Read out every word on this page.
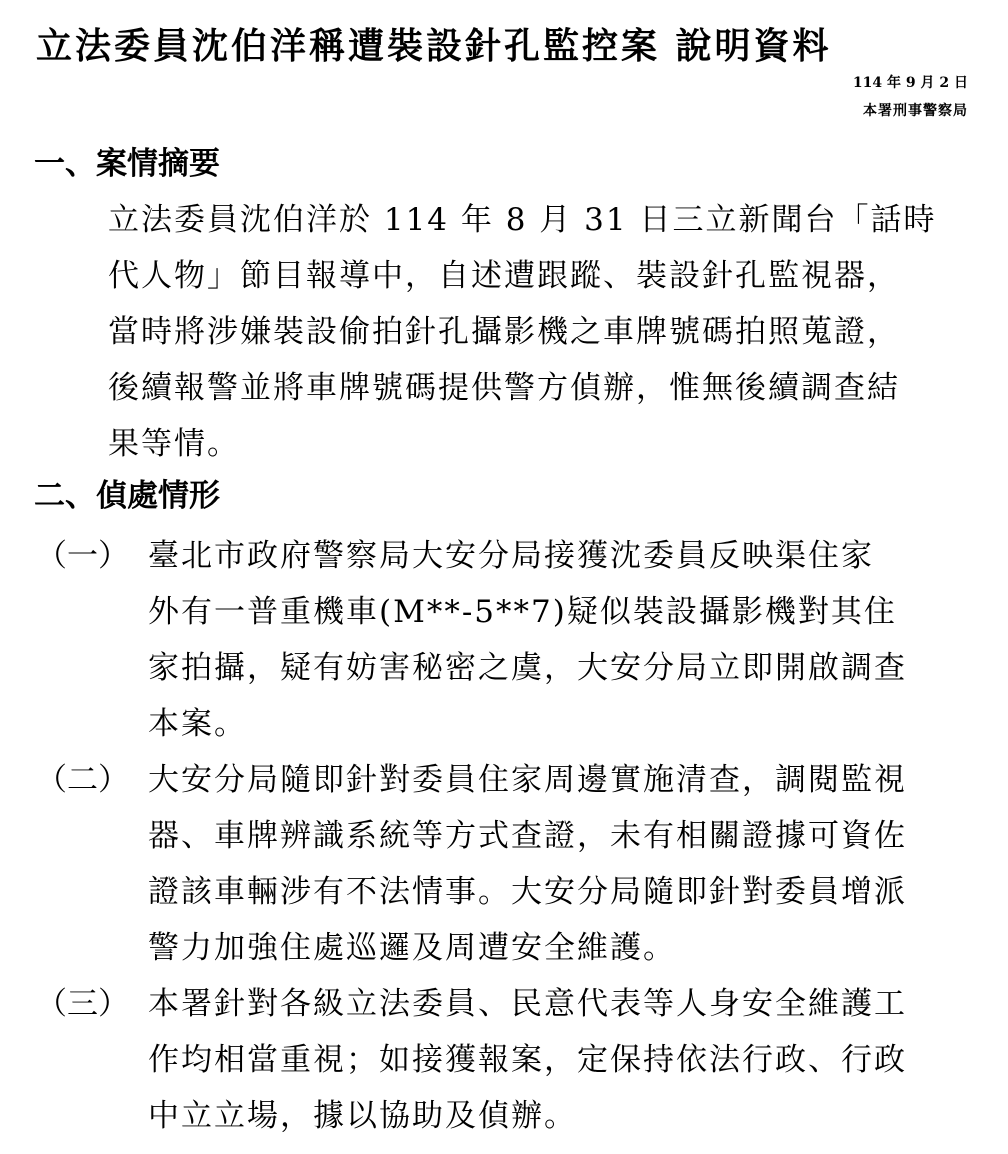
立法委員沈伯洋稱遭裝設針孔監控案 說明資料
114 年 9 月 2 日
本署刑事警察局
一、案情摘要
立法委員沈伯洋於 114 年 8 月 31 日三立新聞台「話時
代人物」節目報導中，自述遭跟蹤、裝設針孔監視器，
當時將涉嫌裝設偷拍針孔攝影機之車牌號碼拍照蒐證，
後續報警並將車牌號碼提供警方偵辦，惟無後續調查結
果等情。
二、偵處情形
（一） 臺北市政府警察局大安分局接獲沈委員反映渠住家
外有一普重機車(M**-5**7)疑似裝設攝影機對其住
家拍攝，疑有妨害秘密之虞，大安分局立即開啟調查
本案。
（二） 大安分局隨即針對委員住家周邊實施清查，調閱監視
器、車牌辨識系統等方式查證，未有相關證據可資佐
證該車輛涉有不法情事。大安分局隨即針對委員增派
警力加強住處巡邏及周遭安全維護。
（三） 本署針對各級立法委員、民意代表等人身安全維護工
作均相當重視；如接獲報案，定保持依法行政、行政
中立立場，據以協助及偵辦。
